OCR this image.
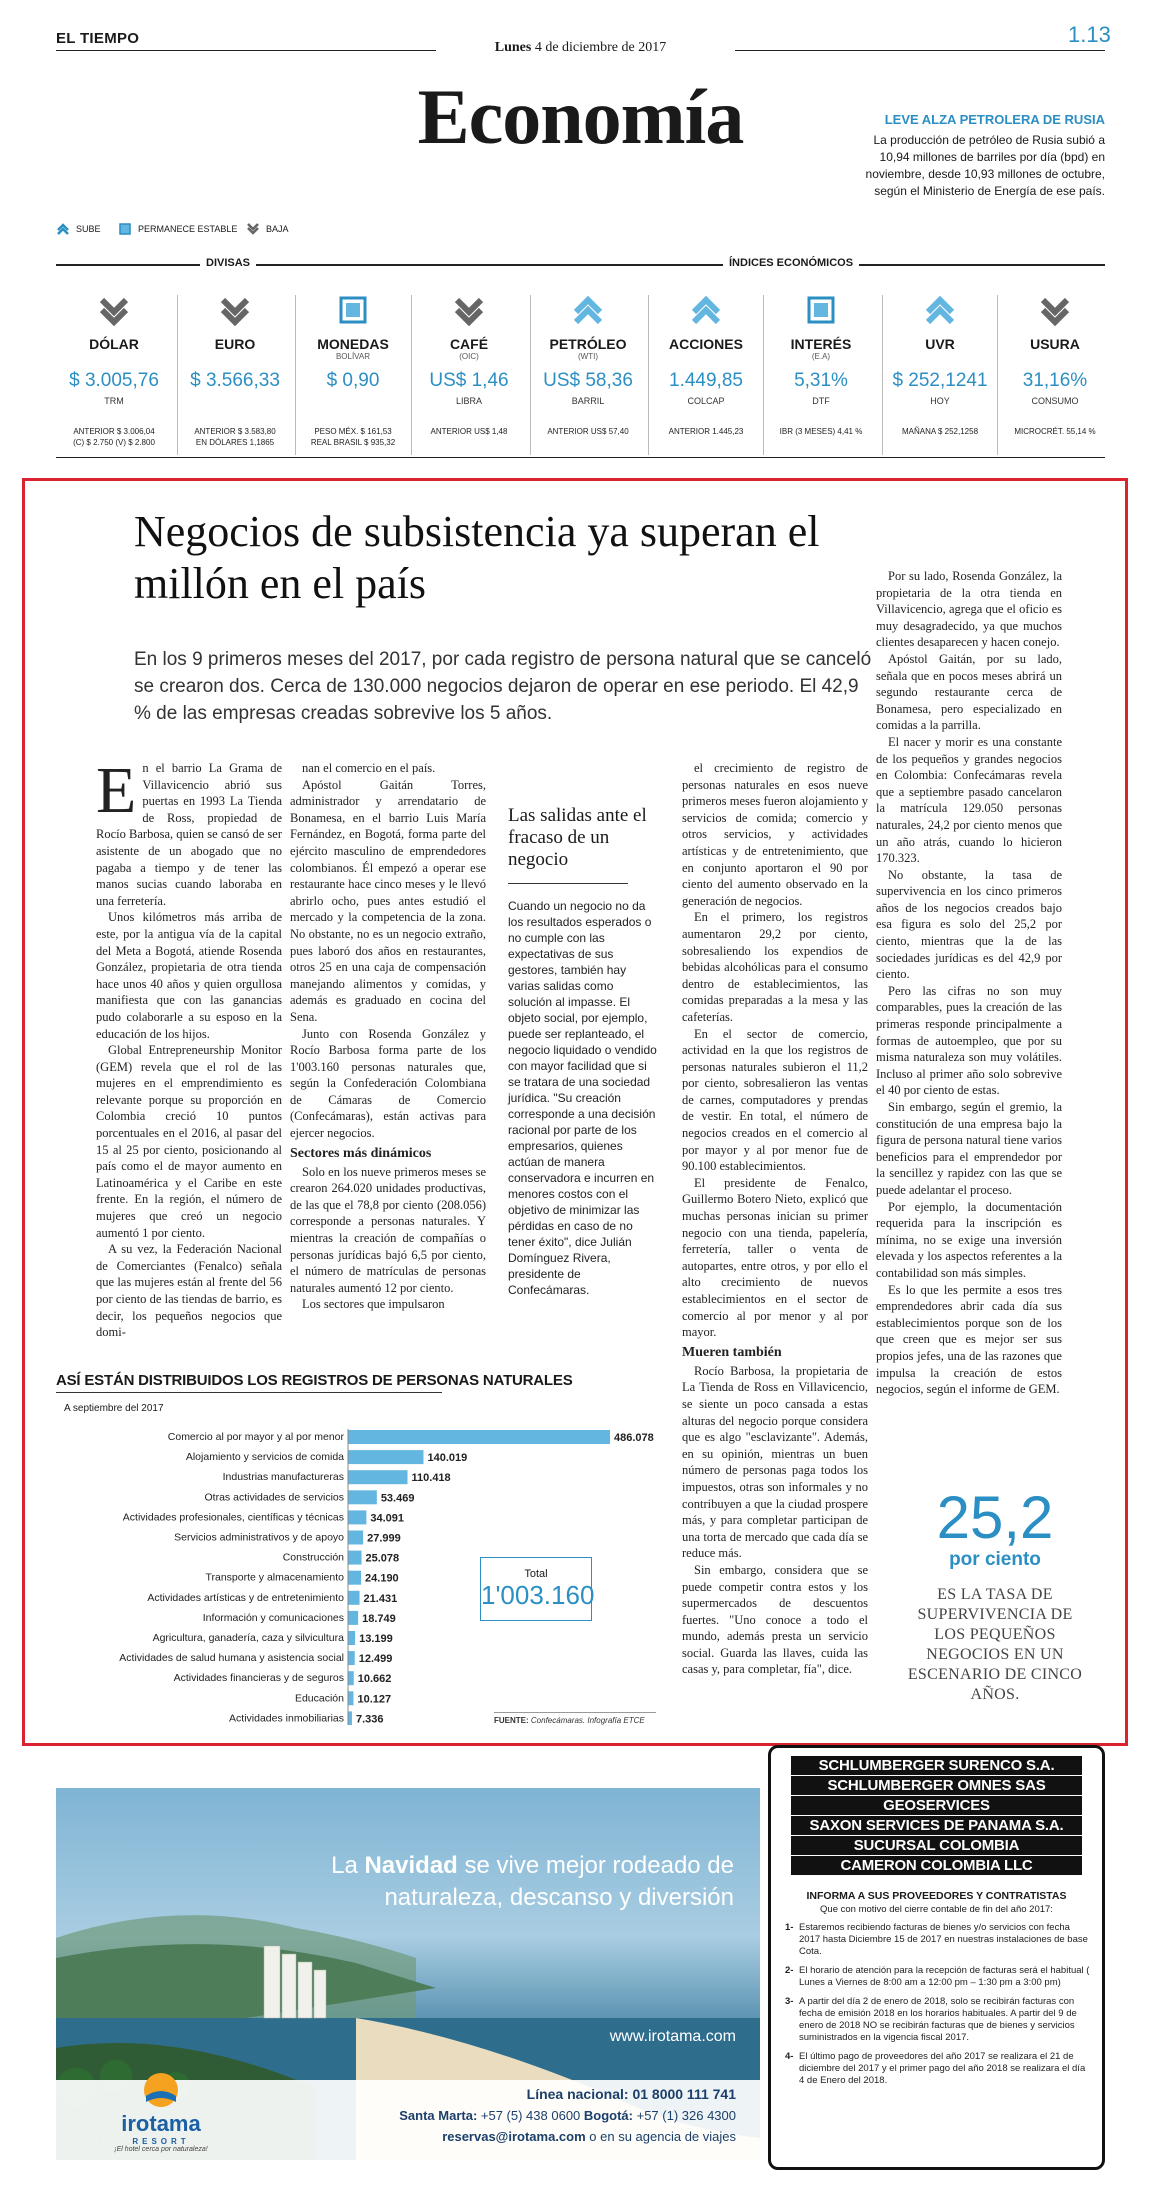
EL TIEMPO
Lunes 4 de diciembre de 2017
1.13
Economía	LEVE ALZA PETROLERA DE RUSIA
La producción de petróleo de Rusia subió a 10,94 millones de barriles por día (bpd) en noviembre, desde 10,93 millones de octubre, según el Ministerio de Energía de ese país.
SUBE	PERMANECE ESTABLE	BAJA
DIVISAS	ÍNDICES ECONÓMICOS
DÓLAR
$ 3.005,76
TRM
ANTERIOR $ 3.006,04
(C) $ 2.750 (V) $ 2.800
EURO
$ 3.566,33
ANTERIOR $ 3.583,80
EN DÓLARES 1,1865
MONEDAS
BOLÍVAR
$ 0,90
PESO MÉX. $ 161,53
REAL BRASIL $ 935,32
CAFÉ
(OIC)
US$ 1,46
LIBRA
ANTERIOR US$ 1,48
PETRÓLEO
(WTI)
US$ 58,36
BARRIL
ANTERIOR US$ 57,40
ACCIONES
1.449,85
COLCAP
ANTERIOR 1.445,23
INTERÉS
(E.A)
5,31%
DTF
IBR (3 MESES) 4,41 %
UVR
$ 252,1241
HOY
MAÑANA $ 252,1258
USURA
31,16%
CONSUMO
MICROCRÉT. 55,14 %
Negocios de subsistencia ya superan el millón en el país
En los 9 primeros meses del 2017, por cada registro de persona natural que se canceló se crearon dos. Cerca de 130.000 negocios dejaron de operar en ese periodo. El 42,9 % de las empresas creadas sobrevive los 5 años.
E n el barrio La Grama de Villavicencio abrió sus puertas en 1993 La Tienda de Ross, propiedad de Rocío Barbosa, quien se cansó de ser asistente de un abogado que no pagaba a tiempo y de tener las manos sucias cuando laboraba en una ferretería.

Unos kilómetros más arriba de este, por la antigua vía de la capital del Meta a Bogotá, atiende Rosenda González, propietaria de otra tienda hace unos 40 años y quien orgullosa manifiesta que con las ganancias pudo colaborarle a su esposo en la educación de los hijos.

Global Entrepreneurship Monitor (GEM) revela que el rol de las mujeres en el emprendimiento es relevante porque su proporción en Colombia creció 10 puntos porcentuales en el 2016, al pasar del 15 al 25 por ciento, posicionando al país como el de mayor aumento en Latinoamérica y el Caribe en este frente. En la región, el número de mujeres que creó un negocio aumentó 1 por ciento.

A su vez, la Federación Nacional de Comerciantes (Fenalco) señala que las mujeres están al frente del 56 por ciento de las tiendas de barrio, es decir, los pequeños negocios que domi-

nan el comercio en el país.

Apóstol Gaitán Torres, administrador y arrendatario de Bonamesa, en el barrio Luis María Fernández, en Bogotá, forma parte del ejército masculino de emprendedores colombianos. Él empezó a operar ese restaurante hace cinco meses y le llevó abrirlo ocho, pues antes estudió el mercado y la competencia de la zona. No obstante, no es un negocio extraño, pues laboró dos años en restaurantes, otros 25 en una caja de compensación manejando alimentos y comidas, y además es graduado en cocina del Sena.

Junto con Rosenda González y Rocío Barbosa forma parte de los 1'003.160 personas naturales que, según la Confederación Colombiana de Cámaras de Comercio (Confecámaras), están activas para ejercer negocios.

Sectores más dinámicos

Solo en los nueve primeros meses se crearon 264.020 unidades productivas, de las que el 78,8 por ciento (208.056) corresponde a personas naturales. Y mientras la creación de compañías o personas jurídicas bajó 6,5 por ciento, el número de matrículas de personas naturales aumentó 12 por ciento.

Los sectores que impulsaron

Las salidas ante el fracaso de un negocio
Cuando un negocio no da los resultados esperados o no cumple con las expectativas de sus gestores, también hay varias salidas como solución al impasse. El objeto social, por ejemplo, puede ser replanteado, el negocio liquidado o vendido con mayor facilidad que si se tratara de una sociedad jurídica. "Su creación corresponde a una decisión racional por parte de los empresarios, quienes actúan de manera conservadora e incurren en menores costos con el objetivo de minimizar las pérdidas en caso de no tener éxito", dice Julián Domínguez Rivera, presidente de Confecámaras.

el crecimiento de registro de personas naturales en esos nueve primeros meses fueron alojamiento y servicios de comida; comercio y otros servicios, y actividades artísticas y de entretenimiento, que en conjunto aportaron el 90 por ciento del aumento observado en la generación de negocios.

En el primero, los registros aumentaron 29,2 por ciento, sobresaliendo los expendios de bebidas alcohólicas para el consumo dentro de establecimientos, las comidas preparadas a la mesa y las cafeterías.

En el sector de comercio, actividad en la que los registros de personas naturales subieron el 11,2 por ciento, sobresalieron las ventas de carnes, computadores y prendas de vestir. En total, el número de negocios creados en el comercio al por mayor y al por menor fue de 90.100 establecimientos.

El presidente de Fenalco, Guillermo Botero Nieto, explicó que muchas personas inician su primer negocio con una tienda, papelería, ferretería, taller o venta de autopartes, entre otros, y por ello el alto crecimiento de nuevos establecimientos en el sector de comercio al por menor y al por mayor.

Mueren también

Rocío Barbosa, la propietaria de La Tienda de Ross en Villavicencio, se siente un poco cansada a estas alturas del negocio porque considera que es algo "esclavizante". Además, en su opinión, mientras un buen número de personas paga todos los impuestos, otras son informales y no contribuyen a que la ciudad prospere más, y para completar participan de una torta de mercado que cada día se reduce más.

Sin embargo, considera que se puede competir contra estos y los supermercados de descuentos fuertes. "Uno conoce a todo el mundo, además presta un servicio social. Guarda las llaves, cuida las casas y, para completar, fía", dice.

Por su lado, Rosenda González, la propietaria de la otra tienda en Villavicencio, agrega que el oficio es muy desagradecido, ya que muchos clientes desaparecen y hacen conejo.

Apóstol Gaitán, por su lado, señala que en pocos meses abrirá un segundo restaurante cerca de Bonamesa, pero especializado en comidas a la parrilla.

El nacer y morir es una constante de los pequeños y grandes negocios en Colombia: Confecámaras revela que a septiembre pasado cancelaron la matrícula 129.050 personas naturales, 24,2 por ciento menos que un año atrás, cuando lo hicieron 170.323.

No obstante, la tasa de supervivencia en los cinco primeros años de los negocios creados bajo esa figura es solo del 25,2 por ciento, mientras que la de las sociedades jurídicas es del 42,9 por ciento.

Pero las cifras no son muy comparables, pues la creación de las primeras responde principalmente a formas de autoempleo, que por su misma naturaleza son muy volátiles. Incluso al primer año solo sobrevive el 40 por ciento de estas.

Sin embargo, según el gremio, la constitución de una empresa bajo la figura de persona natural tiene varios beneficios para el emprendedor por la sencillez y rapidez con las que se puede adelantar el proceso.

Por ejemplo, la documentación requerida para la inscripción es mínima, no se exige una inversión elevada y los aspectos referentes a la contabilidad son más simples.

Es lo que les permite a esos tres emprendedores abrir cada día sus establecimientos porque son de los que creen que es mejor ser sus propios jefes, una de las razones que impulsa la creación de estos negocios, según el informe de GEM.

ASÍ ESTÁN DISTRIBUIDOS LOS REGISTROS DE PERSONAS NATURALES
A septiembre del 2017
Comercio al por mayor y al por menor	486.078
Alojamiento y servicios de comida	140.019
Industrias manufactureras	110.418
Otras actividades de servicios	53.469
Actividades profesionales, científicas y técnicas 34.091
Servicios administrativos y de apoyo 27.999
Construcción 25.078
Transporte y almacenamiento 24.190
Actividades artísticas y de entretenimiento 21.431
Información y comunicaciones 18.749
Agricultura, ganadería, caza y silvicultura 13.199
Actividades de salud humana y asistencia social 12.499
Actividades financieras y de seguros 10.662
Educación 10.127
Actividades inmobiliarias 7.336
Total
1'003.160
FUENTE: Confecámaras. Infografía ETCE
25,2
por ciento
ES LA TASA DE SUPERVIVENCIA DE LOS PEQUEÑOS NEGOCIOS EN UN ESCENARIO DE CINCO AÑOS.
La Navidad se vive mejor rodeado de
naturaleza, descanso y diversión
irotama
RESORT
¡El hotel cerca por naturaleza!
www.irotama.com
Línea nacional: 01 8000 111 741
Santa Marta: +57 (5) 438 0600 Bogotá: +57 (1) 326 4300
reservas@irotama.com o en su agencia de viajes
SCHLUMBERGER SURENCO S.A.
SCHLUMBERGER OMNES SAS
GEOSERVICES
SAXON SERVICES DE PANAMA S.A.
SUCURSAL COLOMBIA
CAMERON COLOMBIA LLC
INFORMA A SUS PROVEEDORES Y CONTRATISTAS
Que con motivo del cierre contable de fin del año 2017:
1- Estaremos recibiendo facturas de bienes y/o servicios con fecha 2017 hasta Diciembre 15 de 2017 en nuestras instalaciones de base Cota.
2- El horario de atención para la recepción de facturas será el habitual ( Lunes a Viernes de 8:00 am a 12:00 pm – 1:30 pm a 3:00 pm)
3- A partir del día 2 de enero de 2018, solo se recibirán facturas con fecha de emisión 2018 en los horarios habituales. A partir del 9 de enero de 2018 NO se recibirán facturas que de bienes y servicios suministrados en la vigencia fiscal 2017.
4- El último pago de proveedores del año 2017 se realizara el 21 de diciembre del 2017 y el primer pago del año 2018 se realizara el día 4 de Enero del 2018.
